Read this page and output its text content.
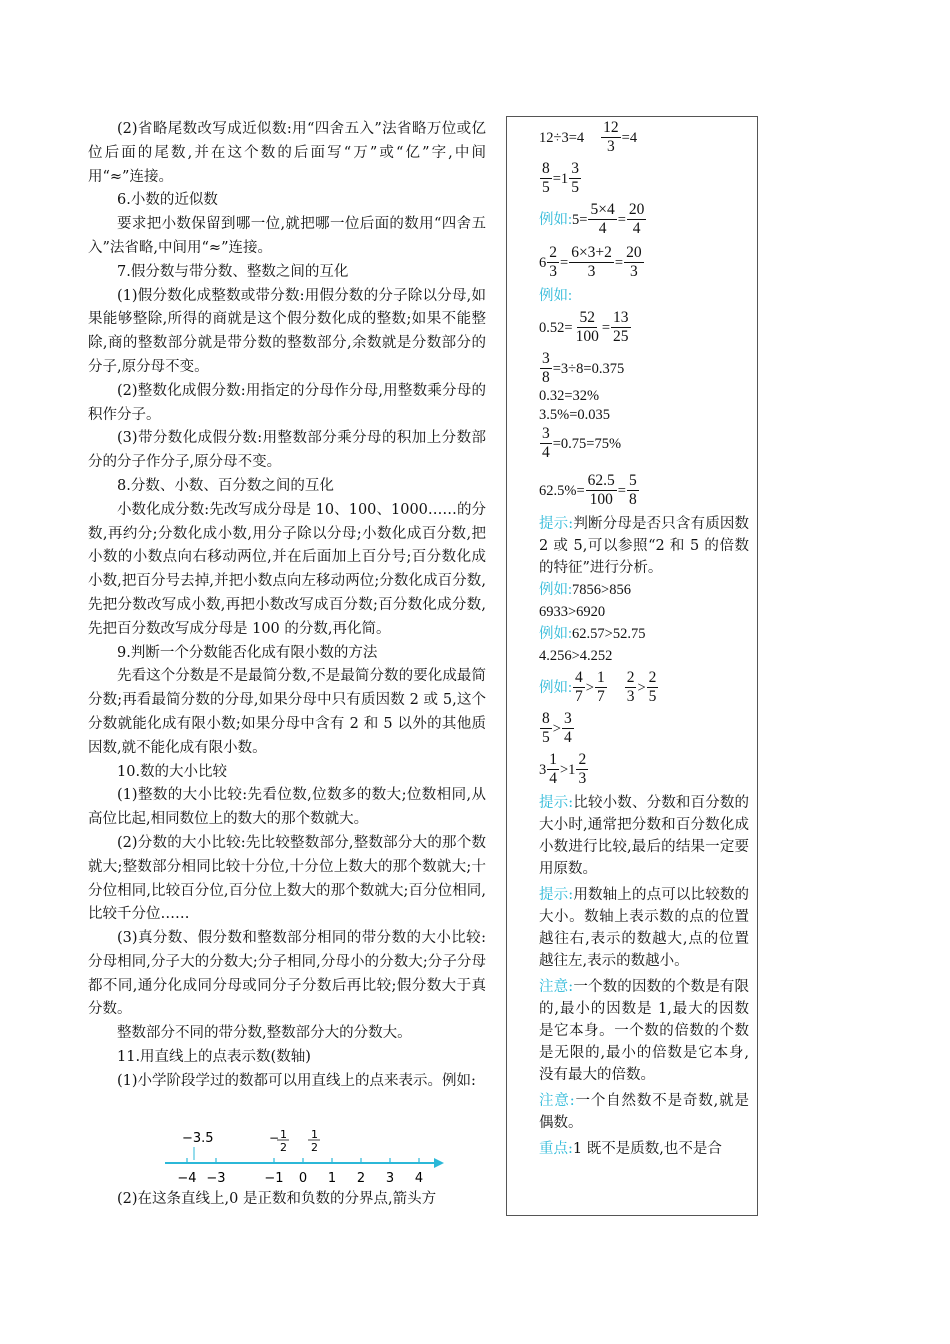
(2)省略尾数改写成近似数:用“四舍五入”法省略万位或亿位后面的尾数,并在这个数的后面写“万”或“亿”字,中间用“≈”连接。

6.小数的近似数

要求把小数保留到哪一位,就把哪一位后面的数用“四舍五入”法省略,中间用“≈”连接。

7.假分数与带分数、整数之间的互化

(1)假分数化成整数或带分数:用假分数的分子除以分母,如果能够整除,所得的商就是这个假分数化成的整数;如果不能整除,商的整数部分就是带分数的整数部分,余数就是分数部分的分子,原分母不变。

(2)整数化成假分数:用指定的分母作分母,用整数乘分母的积作分子。

(3)带分数化成假分数:用整数部分乘分母的积加上分数部分的分子作分子,原分母不变。

8.分数、小数、百分数之间的互化

小数化成分数:先改写成分母是 10、100、1000……的分数,再约分;分数化成小数,用分子除以分母;小数化成百分数,把小数的小数点向右移动两位,并在后面加上百分号;百分数化成小数,把百分号去掉,并把小数点向左移动两位;分数化成百分数,先把分数改写成小数,再把小数改写成百分数;百分数化成分数,先把百分数改写成分母是 100 的分数,再化简。

9.判断一个分数能否化成有限小数的方法

先看这个分数是不是最简分数,不是最简分数的要化成最简分数;再看最简分数的分母,如果分母中只有质因数 2 或 5,这个分数就能化成有限小数;如果分母中含有 2 和 5 以外的其他质因数,就不能化成有限小数。

10.数的大小比较

(1)整数的大小比较:先看位数,位数多的数大;位数相同,从高位比起,相同数位上的数大的那个数就大。

(2)分数的大小比较:先比较整数部分,整数部分大的那个数就大;整数部分相同比较十分位,十分位上数大的那个数就大;十分位相同,比较百分位,百分位上数大的那个数就大;百分位相同,比较千分位……

(3)真分数、假分数和整数部分相同的带分数的大小比较:分母相同,分子大的分数大;分子相同,分母小的分数大;分子分母都不同,通分化成同分母或同分子分数后再比较;假分数大于真分数。

整数部分不同的带分数,整数部分大的分数大。

11.用直线上的点表示数(数轴)

(1)小学阶段学过的数都可以用直线上的点来表示。例如:

−3.5	− 1
2
1
2
−4 −3	−1 0 1 2 3 4

(2)在这条直线上,0 是正数和负数的分界点,箭头方

$12\div 3=4 \frac{12}{3} =4$
$\frac{8}{5} =1$
3
5
例如: $5= \frac{5\times 4}{4} = \frac{20}{4}$
$6 \frac{2}{3} = \frac{6\times 3+2}{3} = \frac{20}{3}$
例如:
$0.52= \frac{52}{100} = \frac{13}{25}$
$\frac{3}{8} =3\div 8=0.375$
0.32=32%
3.5%=0.035
$\frac{3}{4} =0.75=75\%$
$62.5\%= \frac{62.5}{100} = \frac{5}{8}$

提示:判断分母是否只含有质因数 2 或 5,可以参照“2 和 5 的倍数的特征”进行分析。

例如: 7856>856
6933>6920
例如: 62.57>52.75
4.256>4.252
例如:
4
7
>
1
7
2
3
>
2
5
8
5
>
3
4
3
1
4
>1
2
3

提示:比较小数、分数和百分数的大小时,通常把分数和百分数化成小数进行比较,最后的结果一定要用原数。

提示:用数轴上的点可以比较数的大小。数轴上表示数的点的位置越往右,表示的数越大,点的位置越往左,表示的数越小。

注意:一个数的因数的个数是有限的,最小的因数是 1,最大的因数是它本身。一个数的倍数的个数是无限的,最小的倍数是它本身,没有最大的倍数。

注意:一个自然数不是奇数,就是偶数。

重点:1 既不是质数,也不是合
